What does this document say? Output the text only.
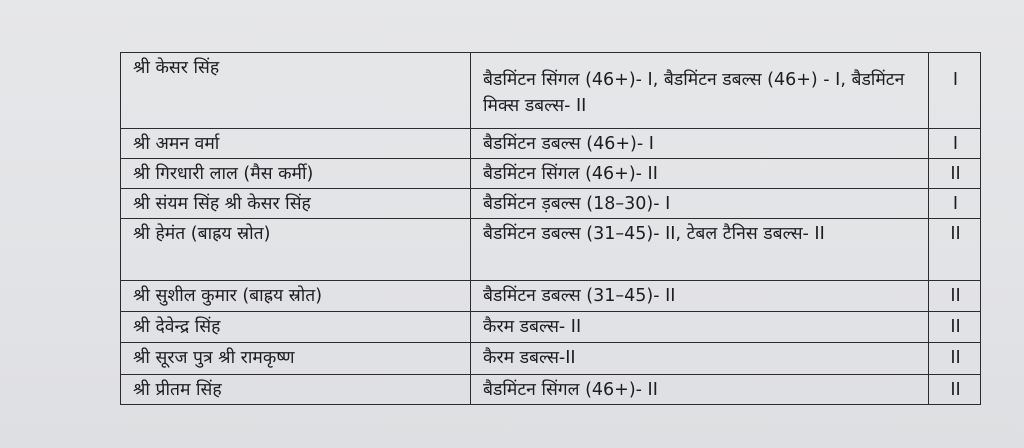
श्री केसर सिंह	बैडमिंटन सिंगल (46+)- I, बैडमिंटन डबल्स (46+) - I, बैडमिंटन मिक्स डबल्स- II	I
श्री अमन वर्मा	बैडमिंटन डबल्स (46+)- I	I
श्री गिरधारी लाल (मैस कर्मी)	बैडमिंटन सिंगल (46+)- II	II
श्री संयम सिंह श्री केसर सिंह	बैडमिंटन ड़बल्स (18–30)- I	I
श्री हेमंत (बाह्रय स्रोत)	बैडमिंटन डबल्स (31–45)- II, टेबल टैनिस डबल्स- II	II
श्री सुशील कुमार (बाह्रय स्रोत)	बैडमिंटन डबल्स (31–45)- II	II
श्री देवेन्द्र सिंह	कैरम डबल्स- II	II
श्री सूरज पुत्र श्री रामकृष्ण	कैरम डबल्स-II	II
श्री प्रीतम सिंह	बैडमिंटन सिंगल (46+)- II	II
